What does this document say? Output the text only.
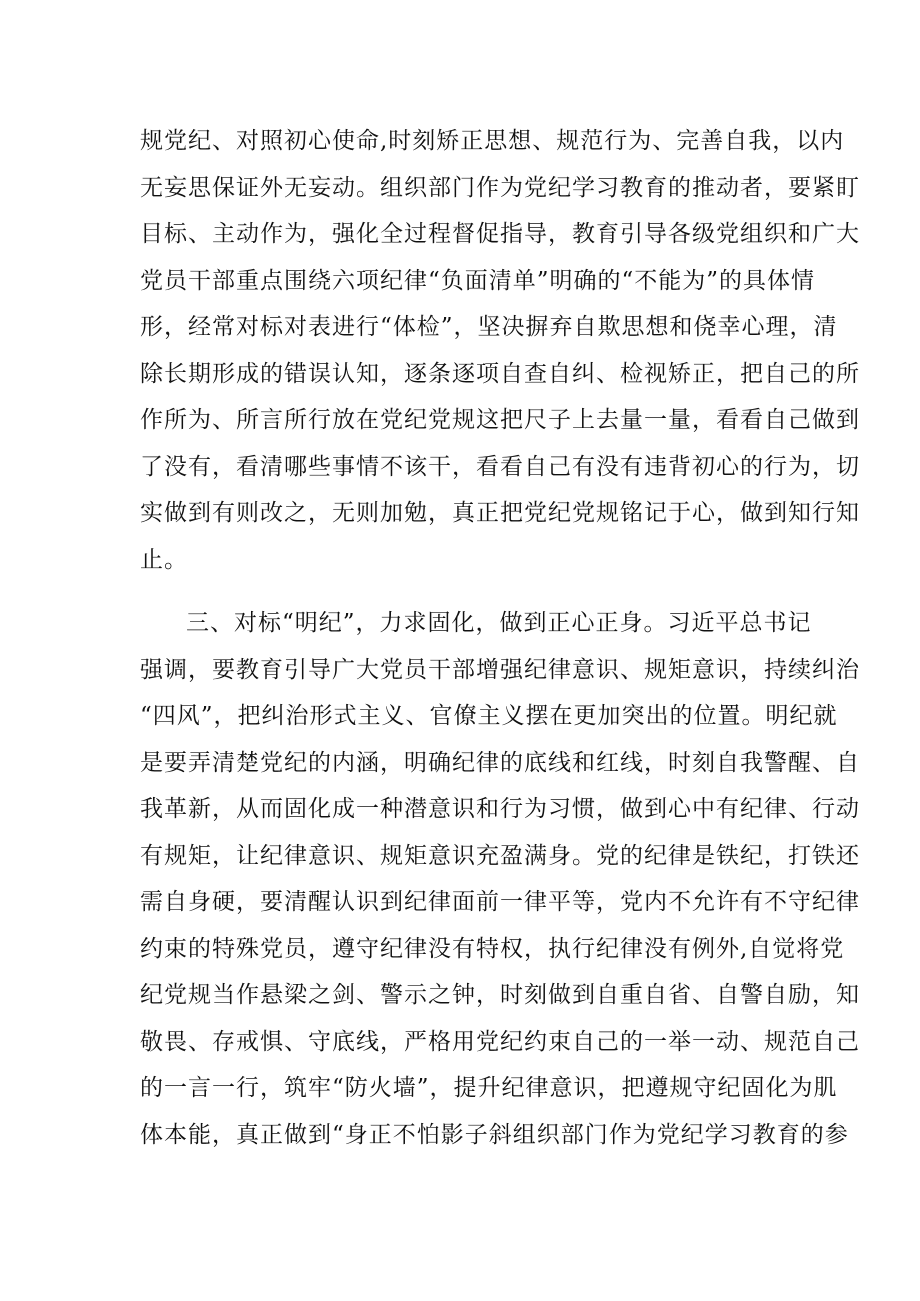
规党纪、对照初心使命,时刻矫正思想、规范行为、完善自我，以内
无妄思保证外无妄动。组织部门作为党纪学习教育的推动者，要紧盯
目标、主动作为，强化全过程督促指导，教育引导各级党组织和广大
党员干部重点围绕六项纪律“负面清单”明确的“不能为”的具体情
形，经常对标对表进行“体检”，坚决摒弃自欺思想和侥幸心理，清
除长期形成的错误认知，逐条逐项自查自纠、检视矫正，把自己的所
作所为、所言所行放在党纪党规这把尺子上去量一量，看看自己做到
了没有，看清哪些事情不该干，看看自己有没有违背初心的行为，切
实做到有则改之，无则加勉，真正把党纪党规铭记于心，做到知行知
止。
三、对标“明纪”，力求固化，做到正心正身。习近平总书记
强调，要教育引导广大党员干部增强纪律意识、规矩意识，持续纠治
“四风”，把纠治形式主义、官僚主义摆在更加突出的位置。明纪就
是要弄清楚党纪的内涵，明确纪律的底线和红线，时刻自我警醒、自
我革新，从而固化成一种潜意识和行为习惯，做到心中有纪律、行动
有规矩，让纪律意识、规矩意识充盈满身。党的纪律是铁纪，打铁还
需自身硬，要清醒认识到纪律面前一律平等，党内不允许有不守纪律
约束的特殊党员，遵守纪律没有特权，执行纪律没有例外,自觉将党
纪党规当作悬梁之剑、警示之钟，时刻做到自重自省、自警自励，知
敬畏、存戒惧、守底线，严格用党纪约束自己的一举一动、规范自己
的一言一行，筑牢“防火墙”，提升纪律意识，把遵规守纪固化为肌
体本能，真正做到“身正不怕影子斜组织部门作为党纪学习教育的参
